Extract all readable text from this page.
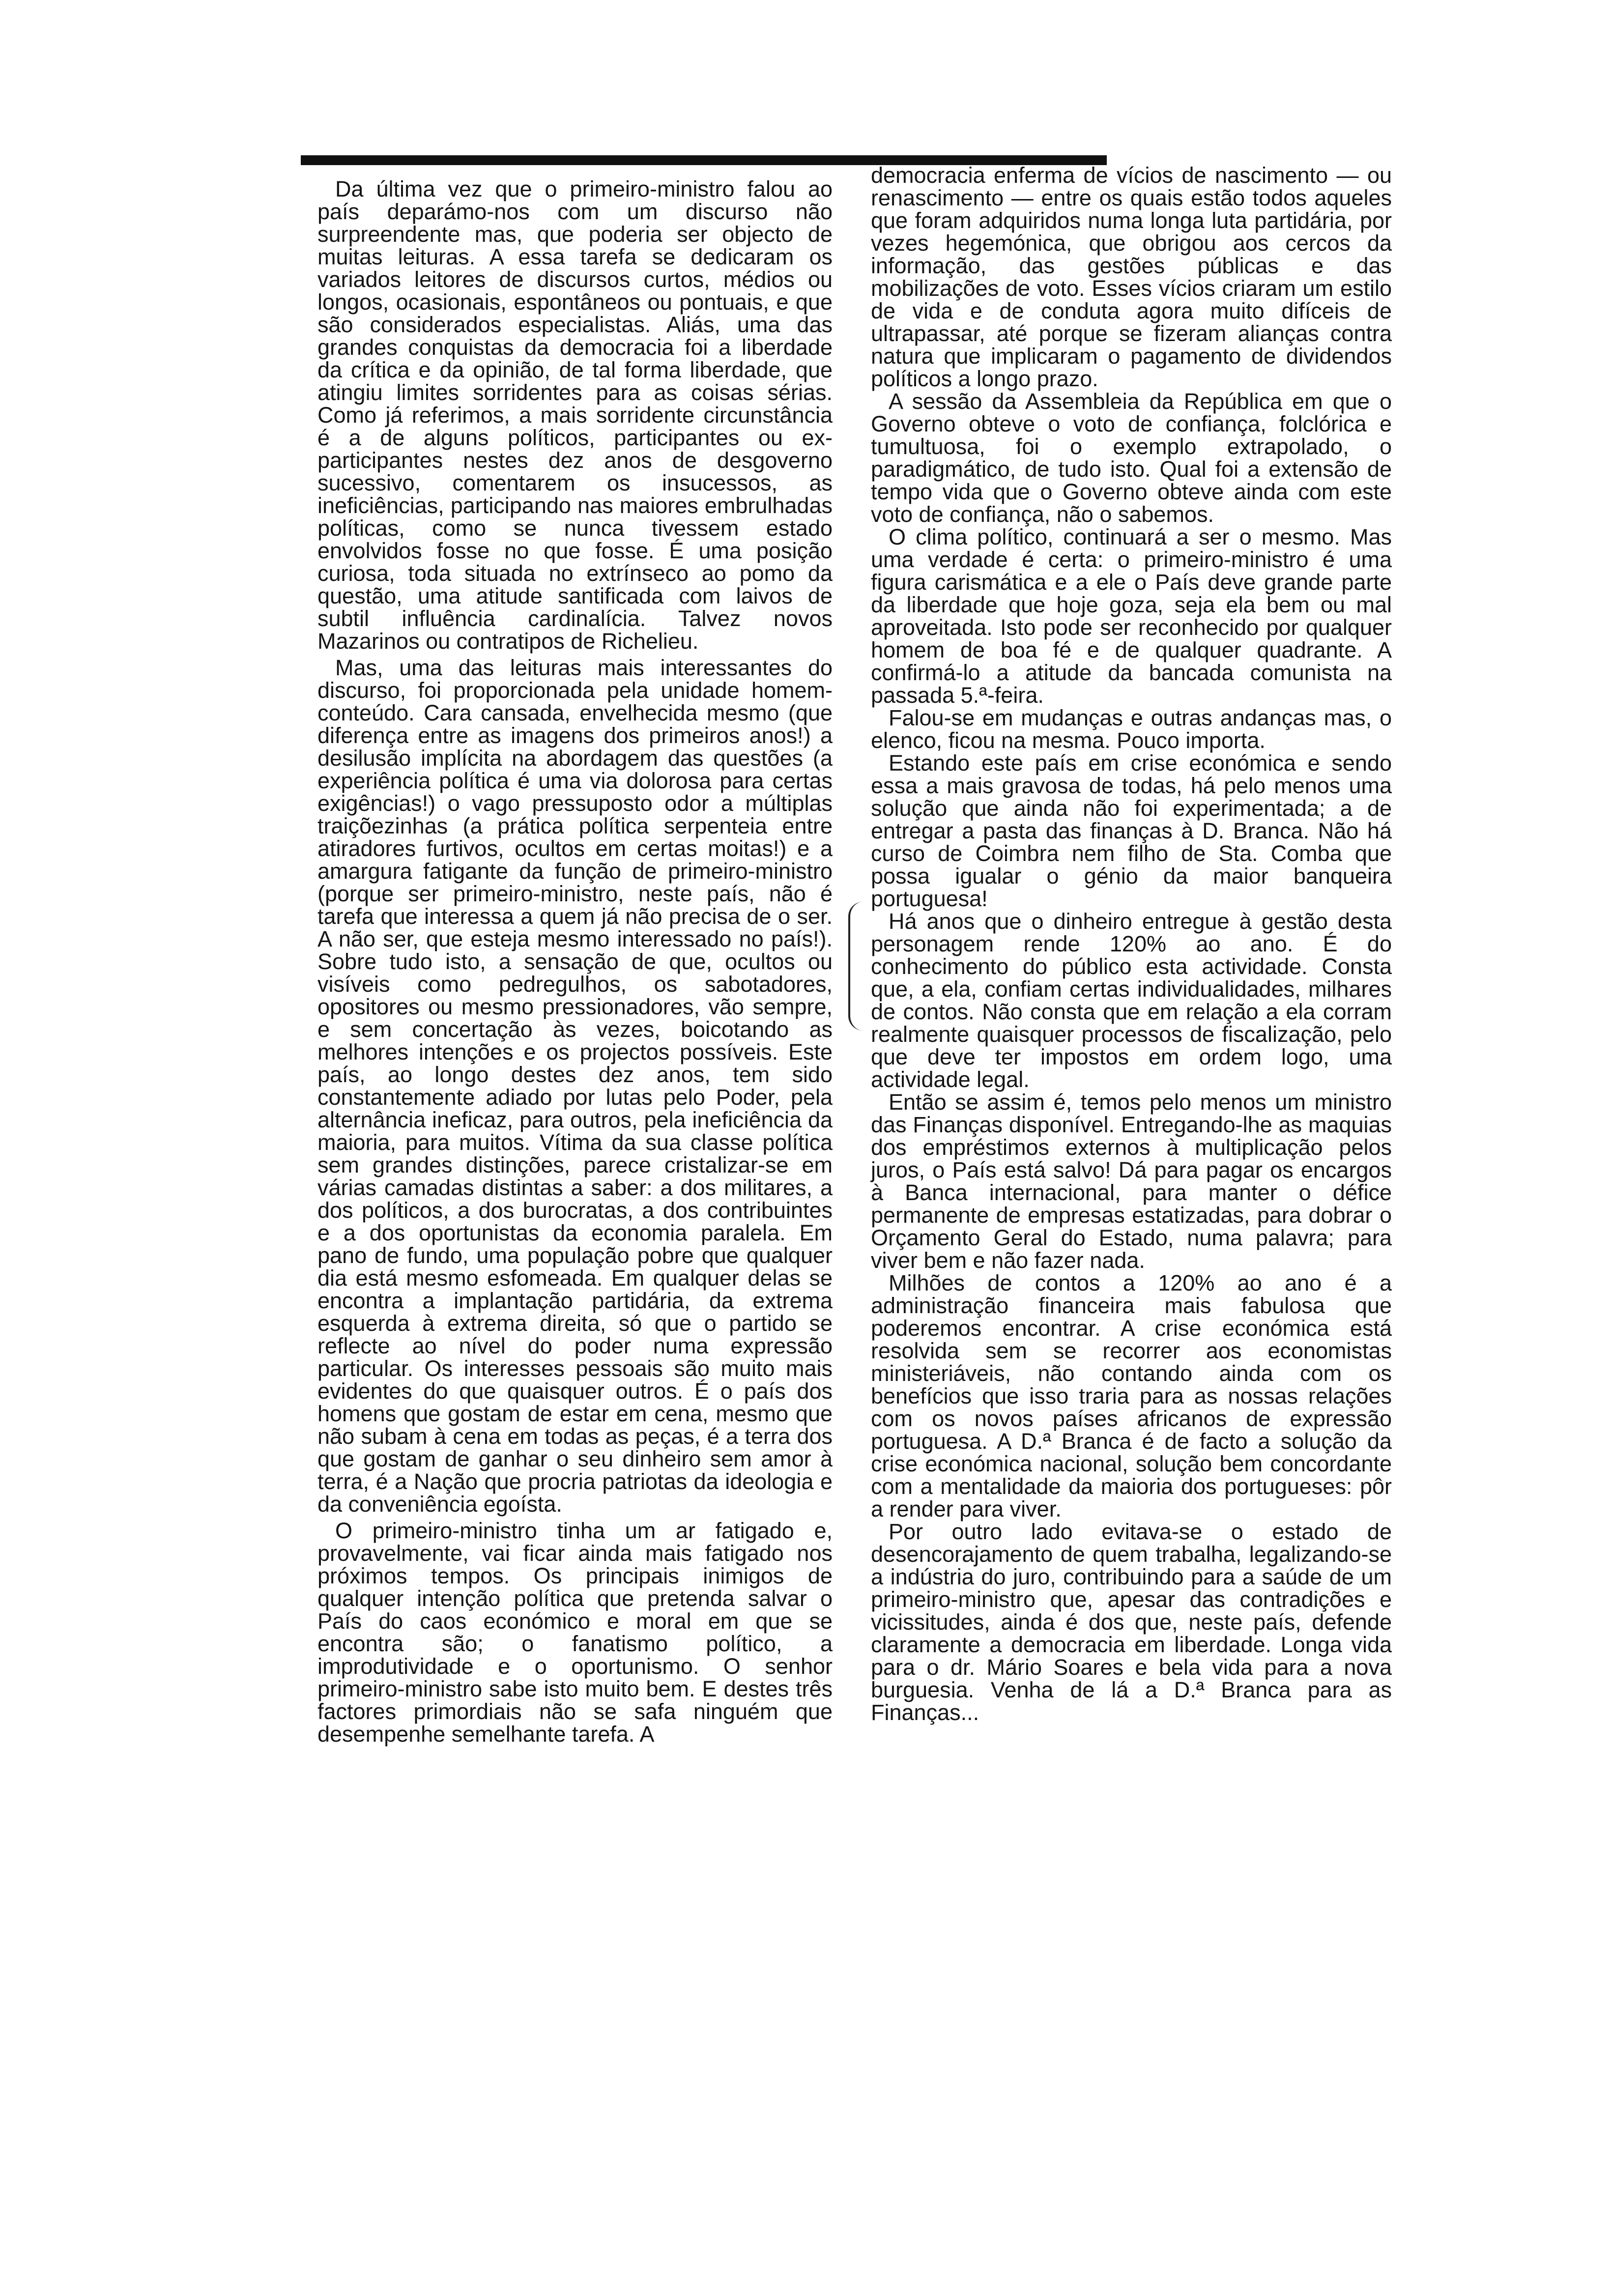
Da última vez que o primeiro-ministro falou ao país deparámo-nos com um discurso não surpreendente mas, que poderia ser objecto de muitas leituras. A essa tarefa se dedicaram os variados leitores de discursos curtos, médios ou longos, ocasionais, espontâneos ou pontuais, e que são considerados especialistas. Aliás, uma das grandes conquistas da democracia foi a liberdade da crítica e da opinião, de tal forma liberdade, que atingiu limites sorridentes para as coisas sérias. Como já referimos, a mais sorridente circunstância é a de alguns políticos, participantes ou ex-participantes nestes dez anos de desgoverno sucessivo, comentarem os insucessos, as ineficiências, participando nas maiores embrulhadas políticas, como se nunca tivessem estado envolvidos fosse no que fosse. É uma posição curiosa, toda situada no extrínseco ao pomo da questão, uma atitude santificada com laivos de subtil influência cardinalícia. Talvez novos Mazarinos ou contratipos de Richelieu.

Mas, uma das leituras mais interessantes do discurso, foi proporcionada pela unidade homem-conteúdo. Cara cansada, envelhecida mesmo (que diferença entre as imagens dos primeiros anos!) a desilusão implícita na abordagem das questões (a experiência política é uma via dolorosa para certas exigências!) o vago pressuposto odor a múltiplas traiçõezinhas (a prática política serpenteia entre atiradores furtivos, ocultos em certas moitas!) e a amargura fatigante da função de primeiro-ministro (porque ser primeiro-ministro, neste país, não é tarefa que interessa a quem já não precisa de o ser. A não ser, que esteja mesmo interessado no país!). Sobre tudo isto, a sensação de que, ocultos ou visíveis como pedregulhos, os sabotadores, opositores ou mesmo pressionadores, vão sempre, e sem concertação às vezes, boicotando as melhores intenções e os projectos possíveis. Este país, ao longo destes dez anos, tem sido constantemente adiado por lutas pelo Poder, pela alternância ineficaz, para outros, pela ineficiência da maioria, para muitos. Vítima da sua classe política sem grandes distinções, parece cristalizar-se em várias camadas distintas a saber: a dos militares, a dos políticos, a dos burocratas, a dos contribuintes e a dos oportunistas da economia paralela. Em pano de fundo, uma população pobre que qualquer dia está mesmo esfomeada. Em qualquer delas se encontra a implantação partidária, da extrema esquerda à extrema direita, só que o partido se reflecte ao nível do poder numa expressão particular. Os interesses pessoais são muito mais evidentes do que quaisquer outros. É o país dos homens que gostam de estar em cena, mesmo que não subam à cena em todas as peças, é a terra dos que gostam de ganhar o seu dinheiro sem amor à terra, é a Nação que procria patriotas da ideologia e da conveniência egoísta.

O primeiro-ministro tinha um ar fatigado e, provavelmente, vai ficar ainda mais fatigado nos próximos tempos. Os principais inimigos de qualquer intenção política que pretenda salvar o País do caos económico e moral em que se encontra são; o fanatismo político, a improdutividade e o oportunismo. O senhor primeiro-ministro sabe isto muito bem. E destes três factores primordiais não se safa ninguém que desempenhe semelhante tarefa. A

democracia enferma de vícios de nascimento — ou renascimento — entre os quais estão todos aqueles que foram adquiridos numa longa luta partidária, por vezes hegemónica, que obrigou aos cercos da informação, das gestões públicas e das mobilizações de voto. Esses vícios criaram um estilo de vida e de conduta agora muito difíceis de ultrapassar, até porque se fizeram alianças contra natura que implicaram o pagamento de dividendos políticos a longo prazo.

A sessão da Assembleia da República em que o Governo obteve o voto de confiança, folclórica e tumultuosa, foi o exemplo extrapolado, o paradigmático, de tudo isto. Qual foi a extensão de tempo vida que o Governo obteve ainda com este voto de confiança, não o sabemos.

O clima político, continuará a ser o mesmo. Mas uma verdade é certa: o primeiro-ministro é uma figura carismática e a ele o País deve grande parte da liberdade que hoje goza, seja ela bem ou mal aproveitada. Isto pode ser reconhecido por qualquer homem de boa fé e de qualquer quadrante. A confirmá-lo a atitude da bancada comunista na passada 5.ª-feira.

Falou-se em mudanças e outras andanças mas, o elenco, ficou na mesma. Pouco importa.

Estando este país em crise económica e sendo essa a mais gravosa de todas, há pelo menos uma solução que ainda não foi experimentada; a de entregar a pasta das finanças à D. Branca. Não há curso de Coimbra nem filho de Sta. Comba que possa igualar o génio da maior banqueira portuguesa!

Há anos que o dinheiro entregue à gestão desta personagem rende 120% ao ano. É do conhecimento do público esta actividade. Consta que, a ela, confiam certas individualidades, milhares de contos. Não consta que em relação a ela corram realmente quaisquer processos de fiscalização, pelo que deve ter impostos em ordem logo, uma actividade legal.

Então se assim é, temos pelo menos um ministro das Finanças disponível. Entregando-lhe as maquias dos empréstimos externos à multiplicação pelos juros, o País está salvo! Dá para pagar os encargos à Banca internacional, para manter o défice permanente de empresas estatizadas, para dobrar o Orçamento Geral do Estado, numa palavra; para viver bem e não fazer nada.

Milhões de contos a 120% ao ano é a administração financeira mais fabulosa que poderemos encontrar. A crise económica está resolvida sem se recorrer aos economistas ministeriáveis, não contando ainda com os benefícios que isso traria para as nossas relações com os novos países africanos de expressão portuguesa. A D.ª Branca é de facto a solução da crise económica nacional, solução bem concordante com a mentalidade da maioria dos portugueses: pôr a render para viver.

Por outro lado evitava-se o estado de desencorajamento de quem trabalha, legalizando-se a indústria do juro, contribuindo para a saúde de um primeiro-ministro que, apesar das contradições e vicissitudes, ainda é dos que, neste país, defende claramente a democracia em liberdade. Longa vida para o dr. Mário Soares e bela vida para a nova burguesia. Venha de lá a D.ª Branca para as Finanças...
